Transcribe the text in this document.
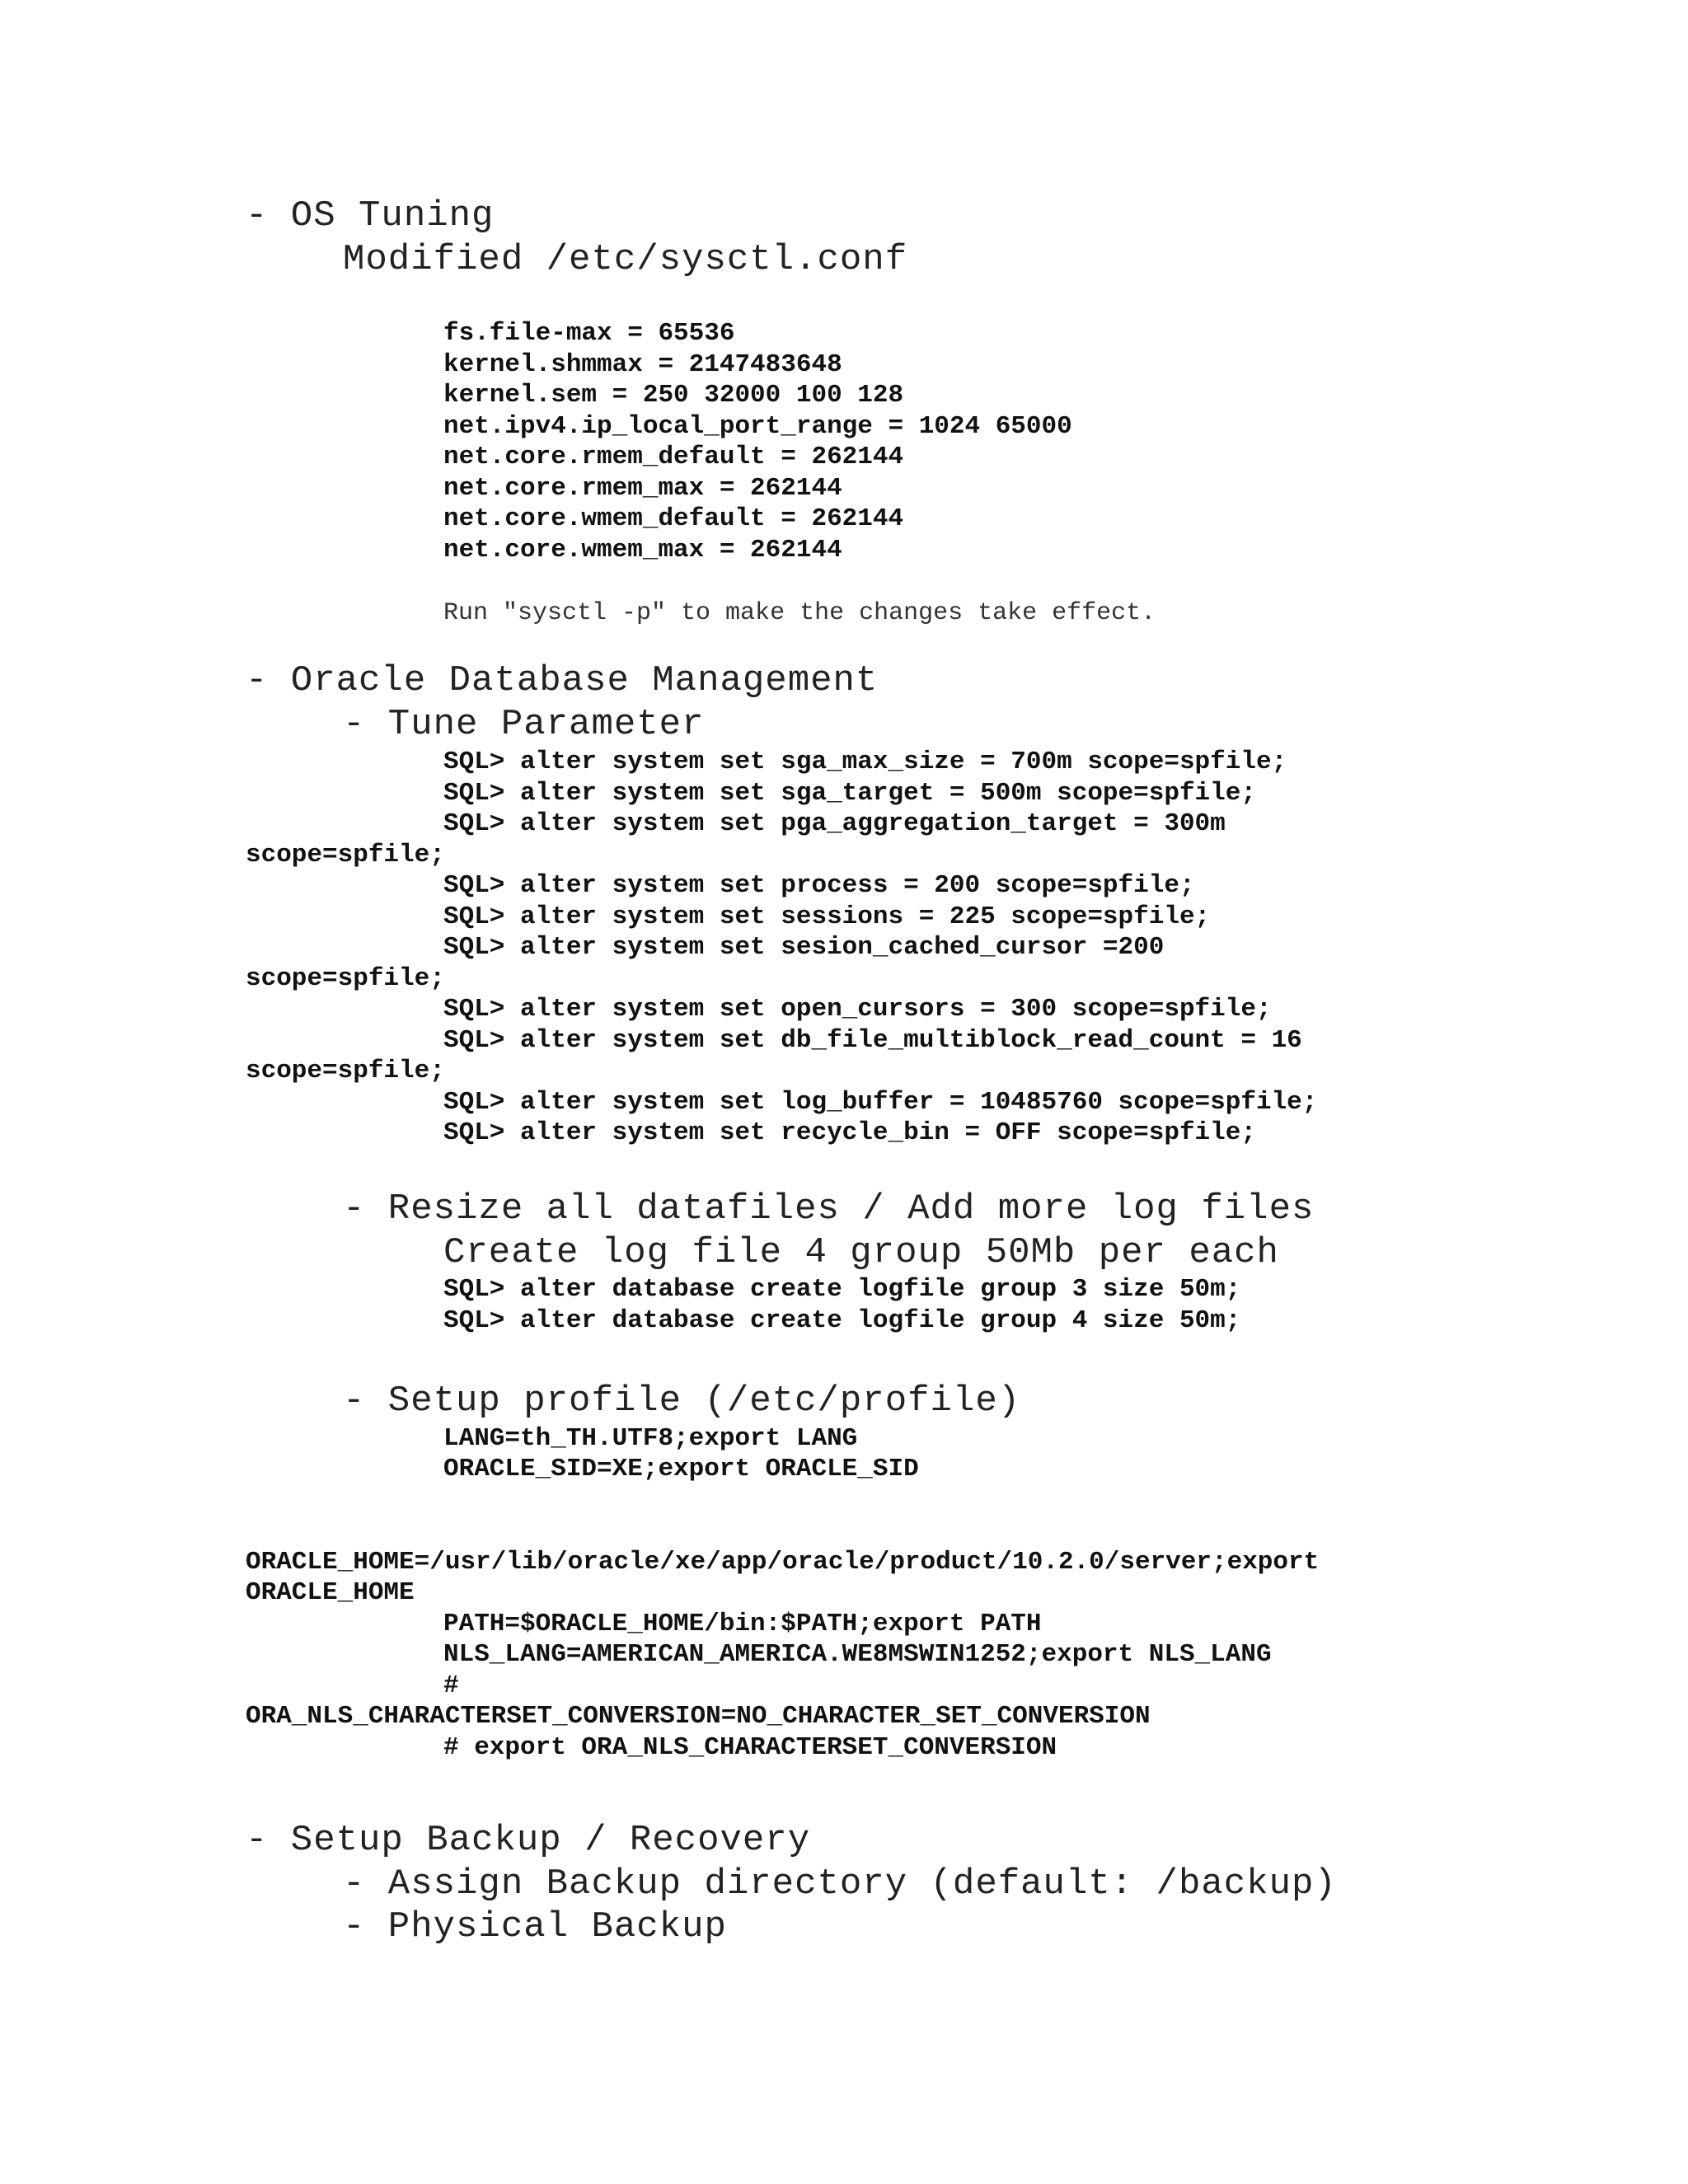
- OS Tuning
Modified /etc/sysctl.conf
fs.file-max = 65536
kernel.shmmax = 2147483648
kernel.sem = 250 32000 100 128
net.ipv4.ip_local_port_range = 1024 65000
net.core.rmem_default = 262144
net.core.rmem_max = 262144
net.core.wmem_default = 262144
net.core.wmem_max = 262144
Run "sysctl -p" to make the changes take effect.
- Oracle Database Management
- Tune Parameter
SQL> alter system set sga_max_size = 700m scope=spfile;
SQL> alter system set sga_target = 500m scope=spfile;
SQL> alter system set pga_aggregation_target = 300m
scope=spfile;
SQL> alter system set process = 200 scope=spfile;
SQL> alter system set sessions = 225 scope=spfile;
SQL> alter system set sesion_cached_cursor =200
scope=spfile;
SQL> alter system set open_cursors = 300 scope=spfile;
SQL> alter system set db_file_multiblock_read_count = 16
scope=spfile;
SQL> alter system set log_buffer = 10485760 scope=spfile;
SQL> alter system set recycle_bin = OFF scope=spfile;
- Resize all datafiles / Add more log files
Create log file 4 group 50Mb per each
SQL> alter database create logfile group 3 size 50m;
SQL> alter database create logfile group 4 size 50m;
- Setup profile (/etc/profile)
LANG=th_TH.UTF8;export LANG
ORACLE_SID=XE;export ORACLE_SID
ORACLE_HOME=/usr/lib/oracle/xe/app/oracle/product/10.2.0/server;export
ORACLE_HOME
PATH=$ORACLE_HOME/bin:$PATH;export PATH
NLS_LANG=AMERICAN_AMERICA.WE8MSWIN1252;export NLS_LANG
#
ORA_NLS_CHARACTERSET_CONVERSION=NO_CHARACTER_SET_CONVERSION
# export ORA_NLS_CHARACTERSET_CONVERSION
- Setup Backup / Recovery
- Assign Backup directory (default: /backup)
- Physical Backup
